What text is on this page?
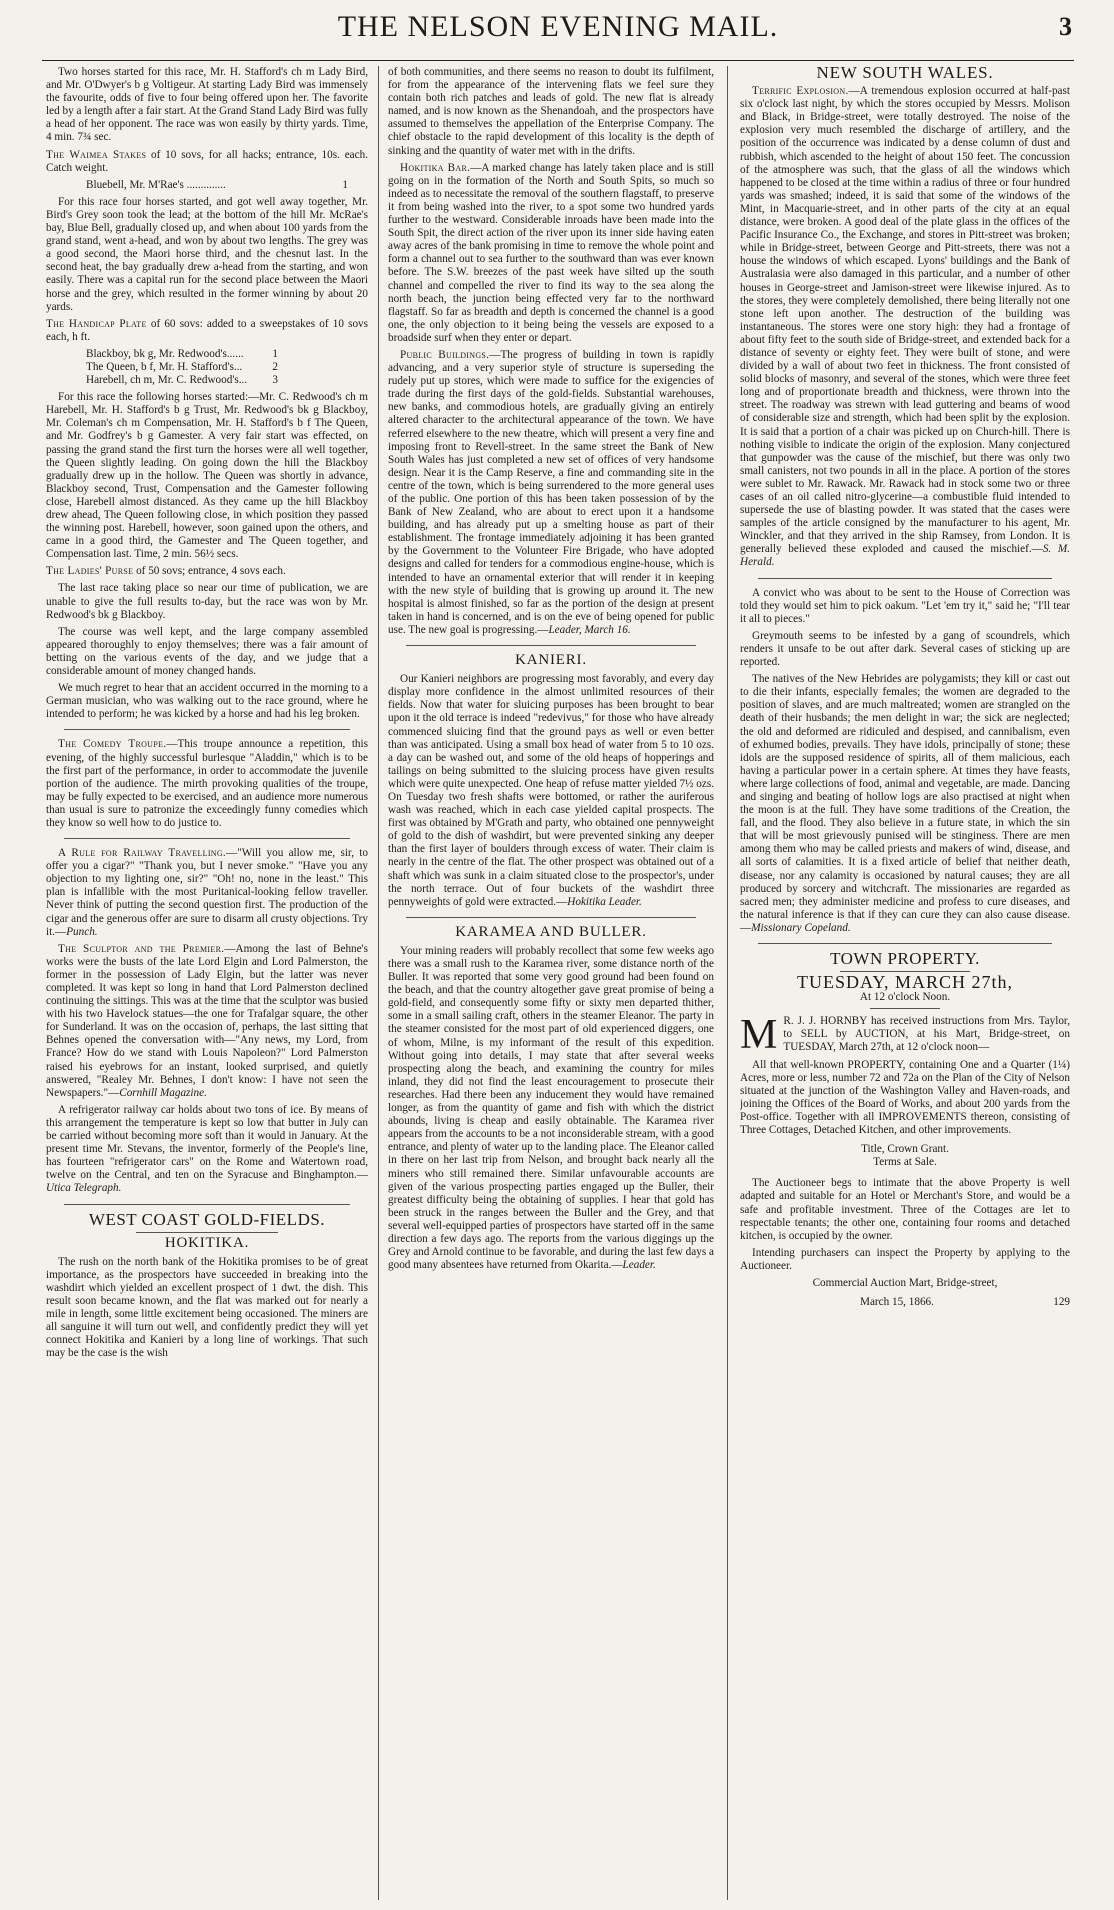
THE NELSON EVENING MAIL.	3

Two horses started for this race, Mr. H. Stafford's ch m Lady Bird, and Mr. O'Dwyer's b g Voltigeur. At starting Lady Bird was immensely the favourite, odds of five to four being offered upon her. The favorite led by a length after a fair start. At the Grand Stand Lady Bird was fully a head of her opponent. The race was won easily by thirty yards. Time, 4 min. 7¾ sec.

The Waimea Stakes of 10 sovs, for all hacks; entrance, 10s. each. Catch weight.

Bluebell, Mr. M'Rae's ..............	1

For this race four horses started, and got well away together, Mr. Bird's Grey soon took the lead; at the bottom of the hill Mr. McRae's bay, Blue Bell, gradually closed up, and when about 100 yards from the grand stand, went a-head, and won by about two lengths. The grey was a good second, the Maori horse third, and the chesnut last. In the second heat, the bay gradually drew a-head from the starting, and won easily. There was a capital run for the second place between the Maori horse and the grey, which resulted in the former winning by about 20 yards.

The Handicap Plate of 60 sovs: added to a sweepstakes of 10 sovs each, h ft.

Blackboy, bk g, Mr. Redwood's......	1
The Queen, b f, Mr. H. Stafford's...	2
Harebell, ch m, Mr. C. Redwood's... 3

For this race the following horses started:—Mr. C. Redwood's ch m Harebell, Mr. H. Stafford's b g Trust, Mr. Redwood's bk g Blackboy, Mr. Coleman's ch m Compensation, Mr. H. Stafford's b f The Queen, and Mr. Godfrey's b g Gamester. A very fair start was effected, on passing the grand stand the first turn the horses were all well together, the Queen slightly leading. On going down the hill the Blackboy gradually drew up in the hollow. The Queen was shortly in advance, Blackboy second, Trust, Compensation and the Gamester following close, Harebell almost distanced. As they came up the hill Blackboy drew ahead, The Queen following close, in which position they passed the winning post. Harebell, however, soon gained upon the others, and came in a good third, the Gamester and The Queen together, and Compensation last. Time, 2 min. 56½ secs.

The Ladies' Purse of 50 sovs; entrance, 4 sovs each.

The last race taking place so near our time of publication, we are unable to give the full results to-day, but the race was won by Mr. Redwood's bk g Blackboy.

The course was well kept, and the large company assembled appeared thoroughly to enjoy themselves; there was a fair amount of betting on the various events of the day, and we judge that a considerable amount of money changed hands.

We much regret to hear that an accident occurred in the morning to a German musician, who was walking out to the race ground, where he intended to perform; he was kicked by a horse and had his leg broken.

The Comedy Troupe.—This troupe announce a repetition, this evening, of the highly successful burlesque "Aladdin," which is to be the first part of the performance, in order to accommodate the juvenile portion of the audience. The mirth provoking qualities of the troupe, may be fully expected to be exercised, and an audience more numerous than usual is sure to patronize the exceedingly funny comedies which they know so well how to do justice to.

A Rule for Railway Travelling.—"Will you allow me, sir, to offer you a cigar?" "Thank you, but I never smoke." "Have you any objection to my lighting one, sir?" "Oh! no, none in the least." This plan is infallible with the most Puritanical-looking fellow traveller. Never think of putting the second question first. The production of the cigar and the generous offer are sure to disarm all crusty objections. Try it.—Punch.

The Sculptor and the Premier.—Among the last of Behne's works were the busts of the late Lord Elgin and Lord Palmerston, the former in the possession of Lady Elgin, but the latter was never completed. It was kept so long in hand that Lord Palmerston declined continuing the sittings. This was at the time that the sculptor was busied with his two Havelock statues—the one for Trafalgar square, the other for Sunderland. It was on the occasion of, perhaps, the last sitting that Behnes opened the conversation with—"Any news, my Lord, from France? How do we stand with Louis Napoleon?" Lord Palmerston raised his eyebrows for an instant, looked surprised, and quietly answered, "Realey Mr. Behnes, I don't know: I have not seen the Newspapers."—Cornhill Magazine.

A refrigerator railway car holds about two tons of ice. By means of this arrangement the temperature is kept so low that butter in July can be carried without becoming more soft than it would in January. At the present time Mr. Stevans, the inventor, formerly of the People's line, has fourteen "refrigerator cars" on the Rome and Watertown road, twelve on the Central, and ten on the Syracuse and Binghampton.—Utica Telegraph.

WEST COAST GOLD-FIELDS.
HOKITIKA.

The rush on the north bank of the Hokitika promises to be of great importance, as the prospectors have succeeded in breaking into the washdirt which yielded an excellent prospect of 1 dwt. the dish. This result soon became known, and the flat was marked out for nearly a mile in length, some little excitement being occasioned. The miners are all sanguine it will turn out well, and confidently predict they will yet connect Hokitika and Kanieri by a long line of workings. That such may be the case is the wish

of both communities, and there seems no reason to doubt its fulfilment, for from the appearance of the intervening flats we feel sure they contain both rich patches and leads of gold. The new flat is already named, and is now known as the Shenandoah, and the prospectors have assumed to themselves the appellation of the Enterprise Company. The chief obstacle to the rapid development of this locality is the depth of sinking and the quantity of water met with in the drifts.

Hokitika Bar.—A marked change has lately taken place and is still going on in the formation of the North and South Spits, so much so indeed as to necessitate the removal of the southern flagstaff, to preserve it from being washed into the river, to a spot some two hundred yards further to the westward. Considerable inroads have been made into the South Spit, the direct action of the river upon its inner side having eaten away acres of the bank promising in time to remove the whole point and form a channel out to sea further to the southward than was ever known before. The S.W. breezes of the past week have silted up the south channel and compelled the river to find its way to the sea along the north beach, the junction being effected very far to the northward flagstaff. So far as breadth and depth is concerned the channel is a good one, the only objection to it being being the vessels are exposed to a broadside surf when they enter or depart.

Public Buildings.—The progress of building in town is rapidly advancing, and a very superior style of structure is superseding the rudely put up stores, which were made to suffice for the exigencies of trade during the first days of the gold-fields. Substantial warehouses, new banks, and commodious hotels, are gradually giving an entirely altered character to the architectural appearance of the town. We have referred elsewhere to the new theatre, which will present a very fine and imposing front to Revell-street. In the same street the Bank of New South Wales has just completed a new set of offices of very handsome design. Near it is the Camp Reserve, a fine and commanding site in the centre of the town, which is being surrendered to the more general uses of the public. One portion of this has been taken possession of by the Bank of New Zealand, who are about to erect upon it a handsome building, and has already put up a smelting house as part of their establishment. The frontage immediately adjoining it has been granted by the Government to the Volunteer Fire Brigade, who have adopted designs and called for tenders for a commodious engine-house, which is intended to have an ornamental exterior that will render it in keeping with the new style of building that is growing up around it. The new hospital is almost finished, so far as the portion of the design at present taken in hand is concerned, and is on the eve of being opened for public use. The new goal is progressing.—Leader, March 16.

KANIERI.

Our Kanieri neighbors are progressing most favorably, and every day display more confidence in the almost unlimited resources of their fields. Now that water for sluicing purposes has been brought to bear upon it the old terrace is indeed "redevivus," for those who have already commenced sluicing find that the ground pays as well or even better than was anticipated. Using a small box head of water from 5 to 10 ozs. a day can be washed out, and some of the old heaps of hopperings and tailings on being submitted to the sluicing process have given results which were quite unexpected. One heap of refuse matter yielded 7½ ozs. On Tuesday two fresh shafts were bottomed, or rather the auriferous wash was reached, which in each case yielded capital prospects. The first was obtained by M'Grath and party, who obtained one pennyweight of gold to the dish of washdirt, but were prevented sinking any deeper than the first layer of boulders through excess of water. Their claim is nearly in the centre of the flat. The other prospect was obtained out of a shaft which was sunk in a claim situated close to the prospector's, under the north terrace. Out of four buckets of the washdirt three pennyweights of gold were extracted.—Hokitika Leader.

KARAMEA AND BULLER.

Your mining readers will probably recollect that some few weeks ago there was a small rush to the Karamea river, some distance north of the Buller. It was reported that some very good ground had been found on the beach, and that the country altogether gave great promise of being a gold-field, and consequently some fifty or sixty men departed thither, some in a small sailing craft, others in the steamer Eleanor. The party in the steamer consisted for the most part of old experienced diggers, one of whom, Milne, is my informant of the result of this expedition. Without going into details, I may state that after several weeks prospecting along the beach, and examining the country for miles inland, they did not find the least encouragement to prosecute their researches. Had there been any inducement they would have remained longer, as from the quantity of game and fish with which the district abounds, living is cheap and easily obtainable. The Karamea river appears from the accounts to be a not inconsiderable stream, with a good entrance, and plenty of water up to the landing place. The Eleanor called in there on her last trip from Nelson, and brought back nearly all the miners who still remained there. Similar unfavourable accounts are given of the various prospecting parties engaged up the Buller, their greatest difficulty being the obtaining of supplies. I hear that gold has been struck in the ranges between the Buller and the Grey, and that several well-equipped parties of prospectors have started off in the same direction a few days ago. The reports from the various diggings up the Grey and Arnold continue to be favorable, and during the last few days a good many absentees have returned from Okarita.—Leader.

NEW SOUTH WALES.

Terrific Explosion.—A tremendous explosion occurred at half-past six o'clock last night, by which the stores occupied by Messrs. Molison and Black, in Bridge-street, were totally destroyed. The noise of the explosion very much resembled the discharge of artillery, and the position of the occurrence was indicated by a dense column of dust and rubbish, which ascended to the height of about 150 feet. The concussion of the atmosphere was such, that the glass of all the windows which happened to be closed at the time within a radius of three or four hundred yards was smashed; indeed, it is said that some of the windows of the Mint, in Macquarie-street, and in other parts of the city at an equal distance, were broken. A good deal of the plate glass in the offices of the Pacific Insurance Co., the Exchange, and stores in Pitt-street was broken; while in Bridge-street, between George and Pitt-streets, there was not a house the windows of which escaped. Lyons' buildings and the Bank of Australasia were also damaged in this particular, and a number of other houses in George-street and Jamison-street were likewise injured. As to the stores, they were completely demolished, there being literally not one stone left upon another. The destruction of the building was instantaneous. The stores were one story high: they had a frontage of about fifty feet to the south side of Bridge-street, and extended back for a distance of seventy or eighty feet. They were built of stone, and were divided by a wall of about two feet in thickness. The front consisted of solid blocks of masonry, and several of the stones, which were three feet long and of proportionate breadth and thickness, were thrown into the street. The roadway was strewn with lead guttering and beams of wood of considerable size and strength, which had been split by the explosion. It is said that a portion of a chair was picked up on Church-hill. There is nothing visible to indicate the origin of the explosion. Many conjectured that gunpowder was the cause of the mischief, but there was only two small canisters, not two pounds in all in the place. A portion of the stores were sublet to Mr. Rawack. Mr. Rawack had in stock some two or three cases of an oil called nitro-glycerine—a combustible fluid intended to supersede the use of blasting powder. It was stated that the cases were samples of the article consigned by the manufacturer to his agent, Mr. Winckler, and that they arrived in the ship Ramsey, from London. It is generally believed these exploded and caused the mischief.—S. M. Herald.

A convict who was about to be sent to the House of Correction was told they would set him to pick oakum. "Let 'em try it," said he; "I'll tear it all to pieces."

Greymouth seems to be infested by a gang of scoundrels, which renders it unsafe to be out after dark. Several cases of sticking up are reported.

The natives of the New Hebrides are polygamists; they kill or cast out to die their infants, especially females; the women are degraded to the position of slaves, and are much maltreated; women are strangled on the death of their husbands; the men delight in war; the sick are neglected; the old and deformed are ridiculed and despised, and cannibalism, even of exhumed bodies, prevails. They have idols, principally of stone; these idols are the supposed residence of spirits, all of them malicious, each having a particular power in a certain sphere. At times they have feasts, where large collections of food, animal and vegetable, are made. Dancing and singing and beating of hollow logs are also practised at night when the moon is at the full. They have some traditions of the Creation, the fall, and the flood. They also believe in a future state, in which the sin that will be most grievously punised will be stinginess. There are men among them who may be called priests and makers of wind, disease, and all sorts of calamities. It is a fixed article of belief that neither death, disease, nor any calamity is occasioned by natural causes; they are all produced by sorcery and witchcraft. The missionaries are regarded as sacred men; they administer medicine and profess to cure diseases, and the natural inference is that if they can cure they can also cause disease.—Missionary Copeland.

TOWN PROPERTY.
TUESDAY, MARCH 27th,
At 12 o'clock Noon.

M R. J. J. HORNBY has received instructions from Mrs. Taylor, to SELL by AUCTION, at his Mart, Bridge-street, on TUESDAY, March 27th, at 12 o'clock noon—

All that well-known PROPERTY, containing One and a Quarter (1¼) Acres, more or less, number 72 and 72a on the Plan of the City of Nelson situated at the junction of the Washington Valley and Haven-roads, and joining the Offices of the Board of Works, and about 200 yards from the Post-office. Together with all IMPROVEMENTS thereon, consisting of Three Cottages, Detached Kitchen, and other improvements.

Title, Crown Grant.
Terms at Sale.

The Auctioneer begs to intimate that the above Property is well adapted and suitable for an Hotel or Merchant's Store, and would be a safe and profitable investment. Three of the Cottages are let to respectable tenants; the other one, containing four rooms and detached kitchen, is occupied by the owner.

Intending purchasers can inspect the Property by applying to the Auctioneer.

Commercial Auction Mart, Bridge-street,
March 15, 1866.	129
